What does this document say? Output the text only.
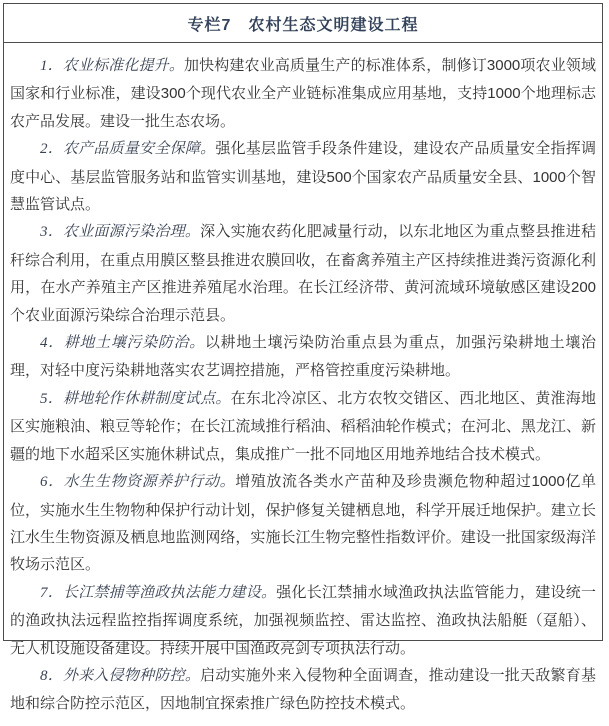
专栏7　农村生态文明建设工程

1．农业标准化提升。加快构建农业高质量生产的标准体系，制修订3000项农业领域国家和行业标准，建设300个现代农业全产业链标准集成应用基地，支持1000个地理标志农产品发展。建设一批生态农场。

2．农产品质量安全保障。强化基层监管手段条件建设，建设农产品质量安全指挥调度中心、基层监管服务站和监管实训基地，建设500个国家农产品质量安全县、1000个智慧监管试点。

3．农业面源污染治理。深入实施农药化肥减量行动，以东北地区为重点整县推进秸秆综合利用，在重点用膜区整县推进农膜回收，在畜禽养殖主产区持续推进粪污资源化利用，在水产养殖主产区推进养殖尾水治理。在长江经济带、黄河流域环境敏感区建设200个农业面源污染综合治理示范县。

4．耕地土壤污染防治。以耕地土壤污染防治重点县为重点，加强污染耕地土壤治理，对轻中度污染耕地落实农艺调控措施，严格管控重度污染耕地。

5．耕地轮作休耕制度试点。在东北冷凉区、北方农牧交错区、西北地区、黄淮海地区实施粮油、粮豆等轮作；在长江流域推行稻油、稻稻油轮作模式；在河北、黑龙江、新疆的地下水超采区实施休耕试点，集成推广一批不同地区用地养地结合技术模式。

6．水生生物资源养护行动。增殖放流各类水产苗种及珍贵濒危物种超过1000亿单位，实施水生生物物种保护行动计划，保护修复关键栖息地，科学开展迁地保护。建立长江水生生物资源及栖息地监测网络，实施长江生物完整性指数评价。建设一批国家级海洋牧场示范区。

7．长江禁捕等渔政执法能力建设。强化长江禁捕水域渔政执法监管能力，建设统一的渔政执法远程监控指挥调度系统，加强视频监控、雷达监控、渔政执法船艇（趸船）、无人机设施设备建设。持续开展中国渔政亮剑专项执法行动。

8．外来入侵物种防控。启动实施外来入侵物种全面调查，推动建设一批天敌繁育基地和综合防控示范区，因地制宜探索推广绿色防控技术模式。
